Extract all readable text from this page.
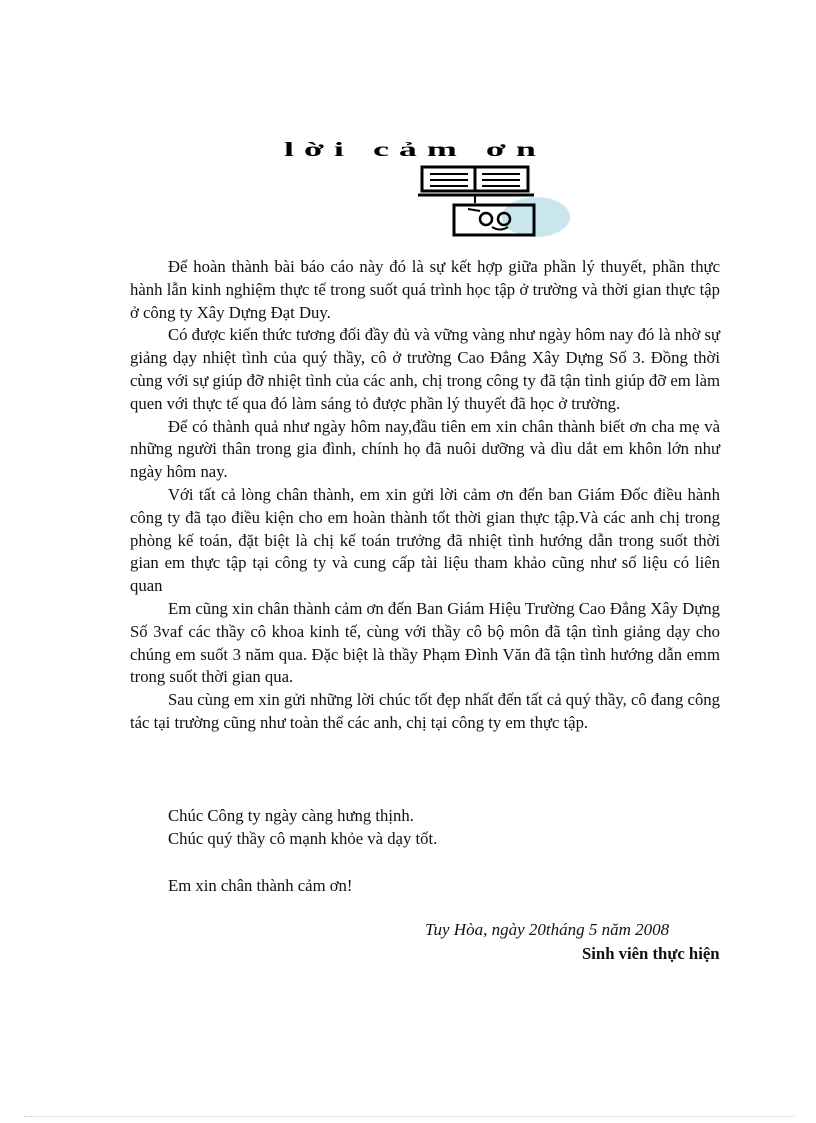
lời cảm ơn

Để hoàn thành bài báo cáo này đó là sự kết hợp giữa phần lý thuyết, phần thực hành lẫn kinh nghiệm thực tế trong suốt quá trình học tập ở trường và thời gian thực tập ở công ty Xây Dựng Đạt Duy.

Có được kiến thức tương đối đầy đủ và vững vàng như ngày hôm nay đó là nhờ sự giảng dạy nhiệt tình của quý thầy, cô ở trường Cao Đẳng Xây Dựng Số 3. Đồng thời cùng với sự giúp đỡ nhiệt tình của các anh, chị trong công ty đã tận tình giúp đỡ em làm quen với thực tế qua đó làm sáng tỏ được phần lý thuyết đã học ở trường.

Để có thành quả như ngày hôm nay,đầu tiên em xin chân thành biết ơn cha mẹ và những người thân trong gia đình, chính họ đã nuôi dưỡng và dìu dắt em khôn lớn như ngày hôm nay.

Với tất cả lòng chân thành, em xin gửi lời cảm ơn đến ban Giám Đốc điều hành công ty đã tạo điều kiện cho em hoàn thành tốt thời gian thực tập.Và các anh chị trong phòng kế toán, đặt biệt là chị kế toán trưởng đã nhiệt tình hướng dẫn trong suốt thời gian em thực tập tại công ty và cung cấp tài liệu tham khảo cũng như số liệu có liên quan

Em cũng xin chân thành cảm ơn đến Ban Giám Hiệu Trường Cao Đẳng Xây Dựng Số 3vaf các thầy cô khoa kinh tế, cùng với thầy cô bộ môn đã tận tình giảng dạy cho chúng em suốt 3 năm qua. Đặc biệt là thầy Phạm Đình Văn đã tận tình hướng dẫn emm trong suốt thời gian qua.

Sau cùng em xin gửi những lời chúc tốt đẹp nhất đến tất cả quý thầy, cô đang công tác tại trường cũng như toàn thể các anh, chị tại công ty em thực tập.

Chúc Công ty ngày càng hưng thịnh.
Chúc quý thầy cô mạnh khỏe và dạy tốt.
Em xin chân thành cảm ơn!
Tuy Hòa, ngày 20tháng 5 năm 2008
Sinh viên thực hiện
